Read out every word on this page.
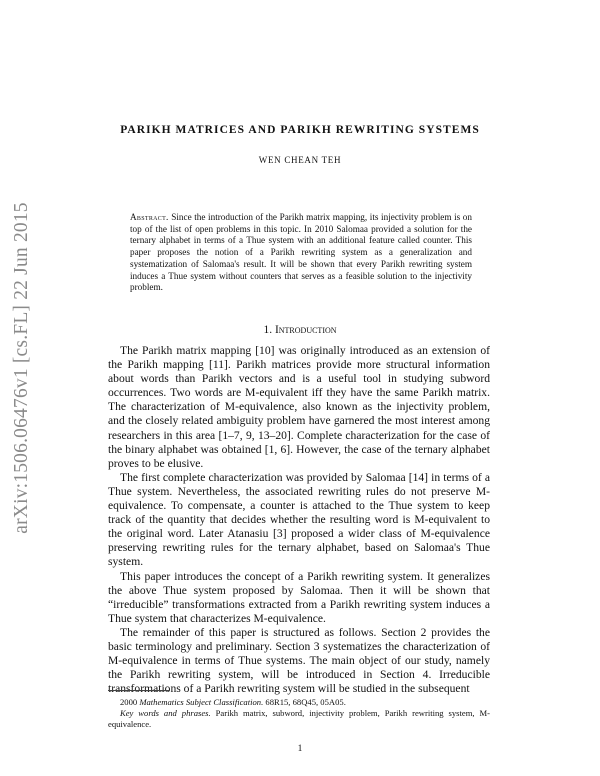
arXiv:1506.06476v1 [cs.FL] 22 Jun 2015
PARIKH MATRICES AND PARIKH REWRITING SYSTEMS
WEN CHEAN TEH
Abstract. Since the introduction of the Parikh matrix mapping, its injectivity problem is on top of the list of open problems in this topic. In 2010 Salomaa provided a solution for the ternary alphabet in terms of a Thue system with an additional feature called counter. This paper proposes the notion of a Parikh rewriting system as a generalization and systematization of Salomaa's result. It will be shown that every Parikh rewriting system induces a Thue system without counters that serves as a feasible solution to the injectivity problem.
1. Introduction

The Parikh matrix mapping [10] was originally introduced as an extension of the Parikh mapping [11]. Parikh matrices provide more structural information about words than Parikh vectors and is a useful tool in studying subword occurrences. Two words are M-equivalent iff they have the same Parikh matrix. The characterization of M-equivalence, also known as the injectivity problem, and the closely related ambiguity problem have garnered the most interest among researchers in this area [1–7, 9, 13–20]. Complete characterization for the case of the binary alphabet was obtained [1, 6]. However, the case of the ternary alphabet proves to be elusive.

The first complete characterization was provided by Salomaa [14] in terms of a Thue system. Nevertheless, the associated rewriting rules do not preserve M-equivalence. To compensate, a counter is attached to the Thue system to keep track of the quantity that decides whether the resulting word is M-equivalent to the original word. Later Atanasiu [3] proposed a wider class of M-equivalence preserving rewriting rules for the ternary alphabet, based on Salomaa's Thue system.

This paper introduces the concept of a Parikh rewriting system. It generalizes the above Thue system proposed by Salomaa. Then it will be shown that “irreducible” transformations extracted from a Parikh rewriting system induces a Thue system that characterizes M-equivalence.

The remainder of this paper is structured as follows. Section 2 provides the basic terminology and preliminary. Section 3 systematizes the characterization of M-equivalence in terms of Thue systems. The main object of our study, namely the Parikh rewriting system, will be introduced in Section 4. Irreducible transformations of a Parikh rewriting system will be studied in the subsequent

2000 Mathematics Subject Classification. 68R15, 68Q45, 05A05.

Key words and phrases. Parikh matrix, subword, injectivity problem, Parikh rewriting system, M-equivalence.

1
